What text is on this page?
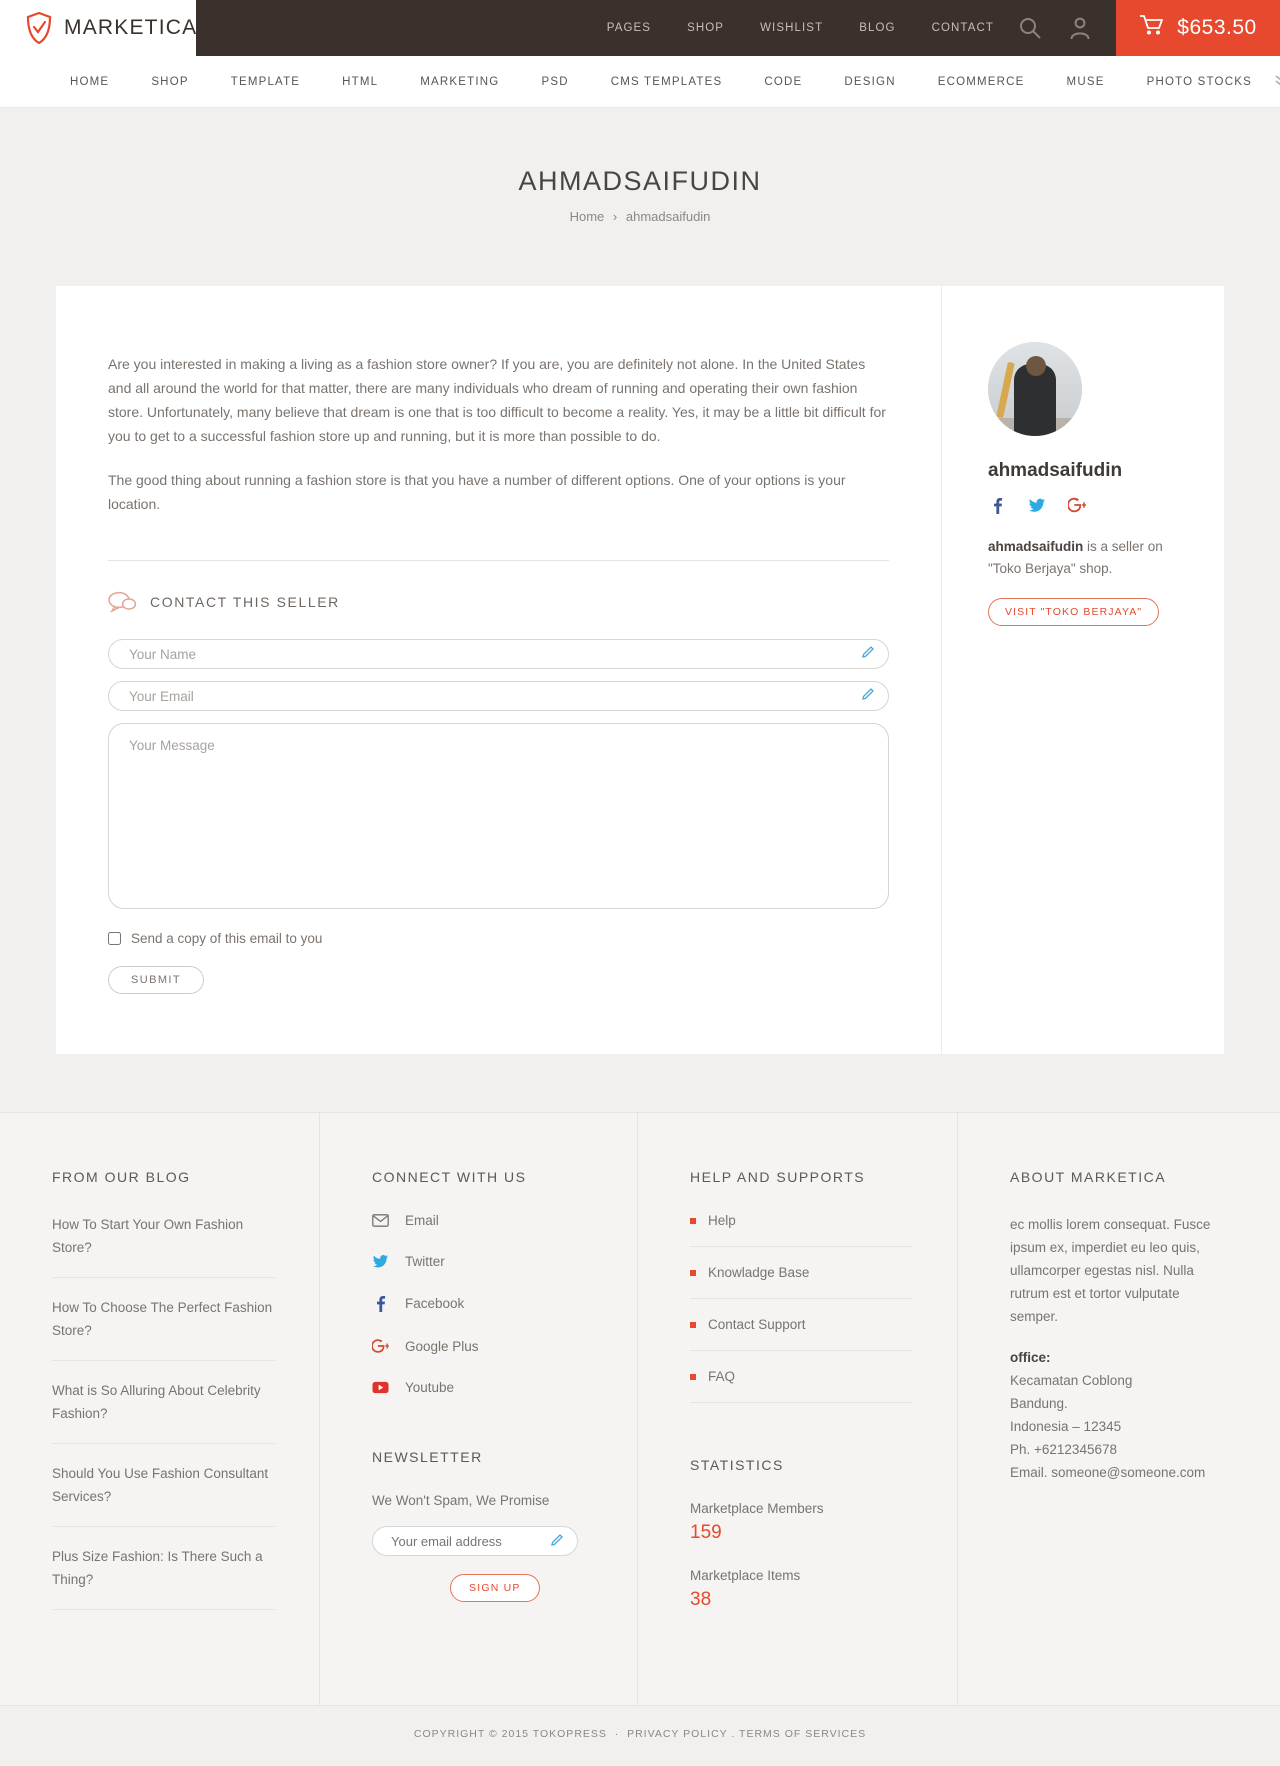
MARKETICA	PAGES	SHOP	WISHLIST	BLOG	CONTACT	$653.50
HOME	SHOP	TEMPLATE	HTML	MARKETING	PSD	CMS TEMPLATES	CODE	DESIGN	ECOMMERCE	MUSE	PHOTO STOCKS
AHMADSAIFUDIN
Home › ahmadsaifudin

Are you interested in making a living as a fashion store owner? If you are, you are definitely not alone. In the United States and all around the world for that matter, there are many individuals who dream of running and operating their own fashion store. Unfortunately, many believe that dream is one that is too difficult to become a reality. Yes, it may be a little bit difficult for you to get to a successful fashion store up and running, but it is more than possible to do.

The good thing about running a fashion store is that you have a number of different options. One of your options is your location.

CONTACT THIS SELLER
Your Name
Your Email
Your Message
Send a copy of this email to you
SUBMIT
ahmadsaifudin

ahmadsaifudin is a seller on "Toko Berjaya" shop.

VISIT "TOKO BERJAYA"
FROM OUR BLOG
How To Start Your Own Fashion Store?
How To Choose The Perfect Fashion Store?
What is So Alluring About Celebrity Fashion?
Should You Use Fashion Consultant Services?
Plus Size Fashion: Is There Such a Thing?
CONNECT WITH US
Email
Twitter
Facebook
Google Plus
Youtube
NEWSLETTER

We Won't Spam, We Promise

Your email address
SIGN UP
HELP AND SUPPORTS
Help
Knowladge Base
Contact Support
FAQ
STATISTICS

Marketplace Members

159

Marketplace Items

38

ABOUT MARKETICA

ec mollis lorem consequat. Fusce ipsum ex, imperdiet eu leo quis, ullamcorper egestas nisl. Nulla rutrum est et tortor vulputate semper.

office:
Kecamatan Coblong
Bandung.
Indonesia – 12345
Ph. +6212345678
Email. someone@someone.com
COPYRIGHT © 2015 TOKOPRESS · PRIVACY POLICY . TERMS OF SERVICES
